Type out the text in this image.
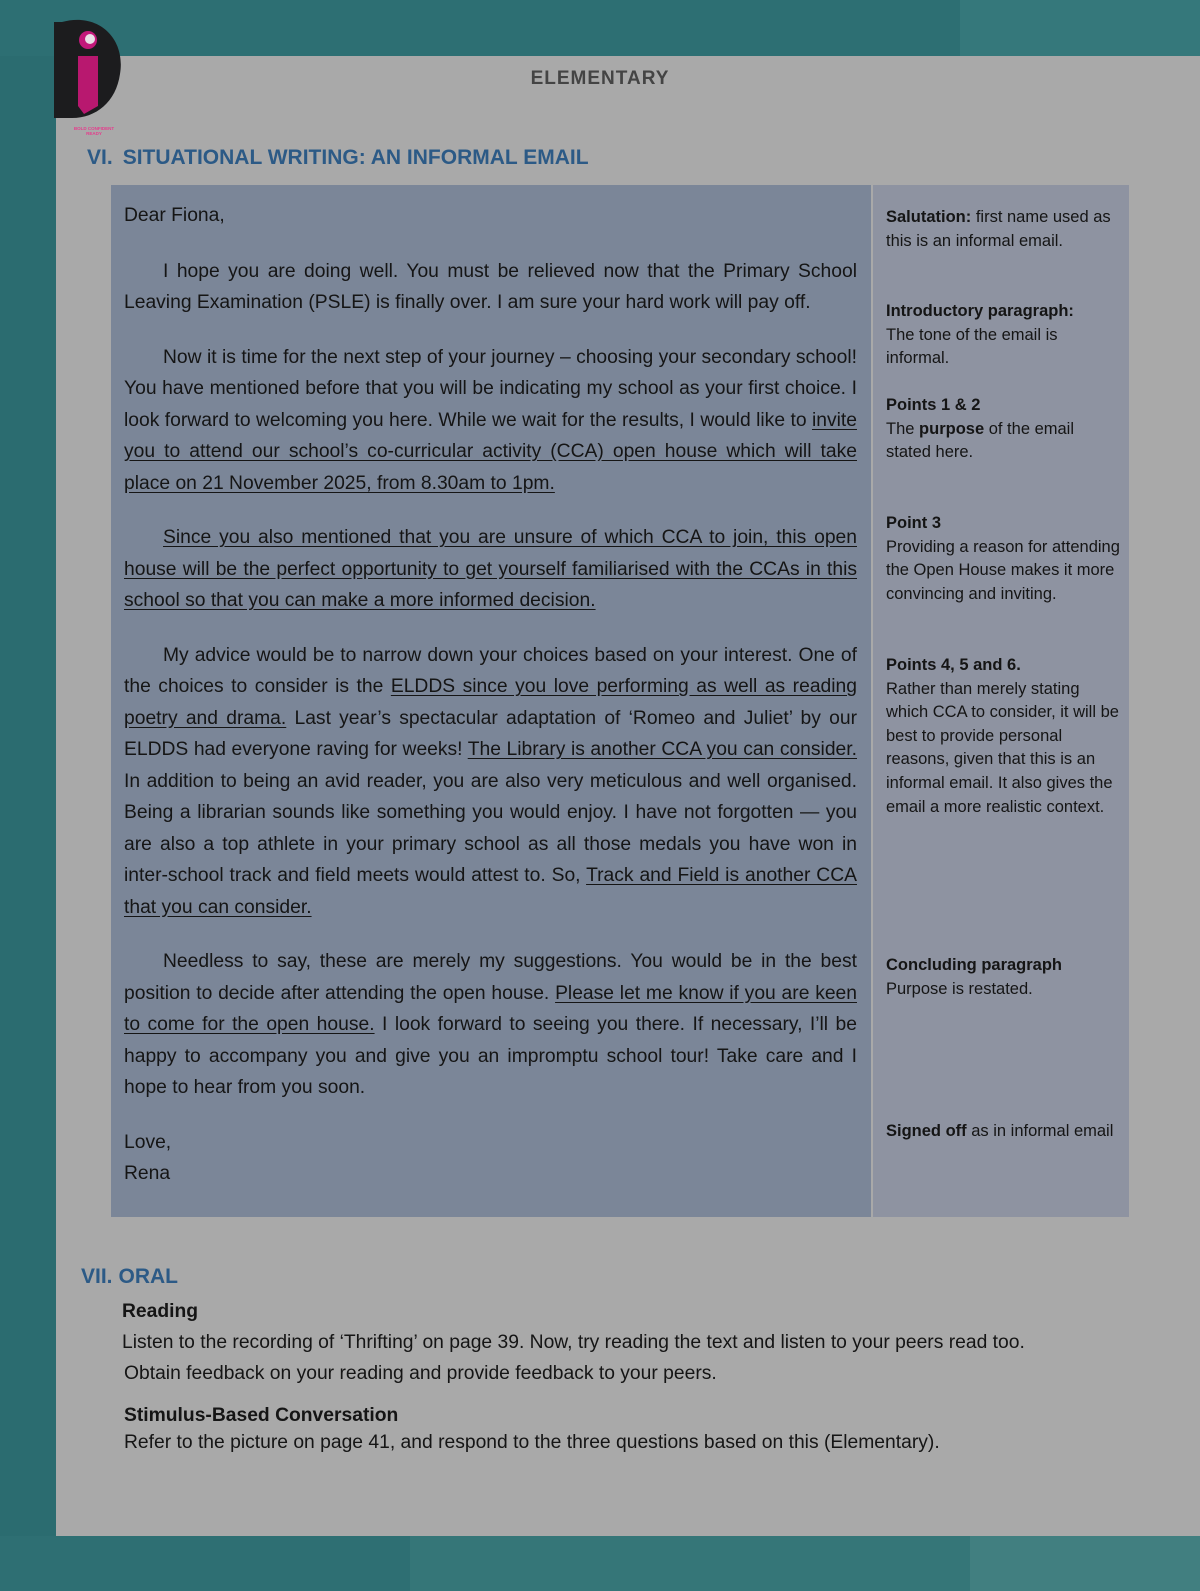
BOLD CONFIDENT READY
ELEMENTARY
VI. SITUATIONAL WRITING: AN INFORMAL EMAIL

Dear Fiona,

I hope you are doing well. You must be relieved now that the Primary School Leaving Examination (PSLE) is finally over. I am sure your hard work will pay off.

Now it is time for the next step of your journey – choosing your secondary school! You have mentioned before that you will be indicating my school as your first choice. I look forward to welcoming you here. While we wait for the results, I would like to invite you to attend our school’s co-curricular activity (CCA) open house which will take place on 21 November 2025, from 8.30am to 1pm.

Since you also mentioned that you are unsure of which CCA to join, this open house will be the perfect opportunity to get yourself familiarised with the CCAs in this school so that you can make a more informed decision.

My advice would be to narrow down your choices based on your interest. One of the choices to consider is the ELDDS since you love performing as well as reading poetry and drama. Last year’s spectacular adaptation of ‘Romeo and Juliet’ by our ELDDS had everyone raving for weeks! The Library is another CCA you can consider. In addition to being an avid reader, you are also very meticulous and well organised. Being a librarian sounds like something you would enjoy. I have not forgotten — you are also a top athlete in your primary school as all those medals you have won in inter-school track and field meets would attest to. So, Track and Field is another CCA that you can consider.

Needless to say, these are merely my suggestions. You would be in the best position to decide after attending the open house. Please let me know if you are keen to come for the open house. I look forward to seeing you there. If necessary, I’ll be happy to accompany you and give you an impromptu school tour! Take care and I hope to hear from you soon.

Love,

Rena

Salutation: first name used as this is an informal email.
Introductory paragraph:
The tone of the email is informal.
Points 1 & 2
The purpose of the email stated here.
Point 3
Providing a reason for attending the Open House makes it more convincing and inviting.
Points 4, 5 and 6.
Rather than merely stating which CCA to consider, it will be best to provide personal reasons, given that this is an informal email. It also gives the email a more realistic context.
Concluding paragraph
Purpose is restated.
Signed off as in informal email
VII. ORAL
Reading
Listen to the recording of ‘Thrifting’ on page 39. Now, try reading the text and listen to your peers read too.
Obtain feedback on your reading and provide feedback to your peers.
Stimulus-Based Conversation
Refer to the picture on page 41, and respond to the three questions based on this (Elementary).
